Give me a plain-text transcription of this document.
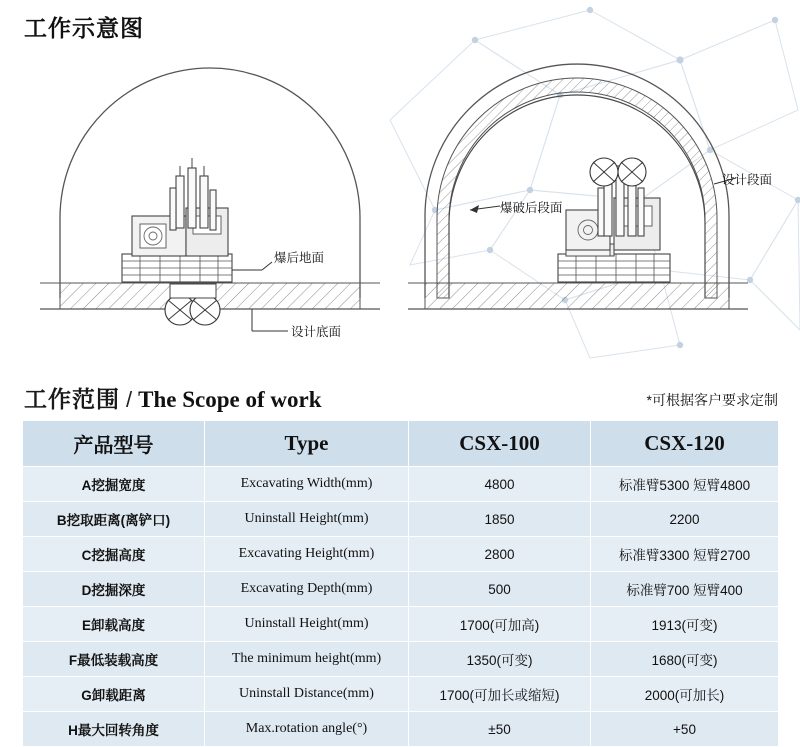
工作示意图
爆后地面
设计底面
爆破后段面
设计段面
工作范围 / The Scope of work	*可根据客户要求定制
产品型号	Type	CSX-100	CSX-120
A挖掘宽度	Excavating Width(mm)	4800	标准臂5300 短臂4800
B挖取距离(离铲口)	Uninstall Height(mm)	1850	2200
C挖掘高度	Excavating Height(mm)	2800	标准臂3300 短臂2700
D挖掘深度	Excavating Depth(mm)	500	标准臂700 短臂400
E卸载高度	Uninstall Height(mm)	1700(可加高)	1913(可变)
F最低装载高度	The minimum height(mm)	1350(可变)	1680(可变)
G卸载距离	Uninstall Distance(mm)	1700(可加长或缩短)	2000(可加长)
H最大回转角度	Max.rotation angle(°)	±50	+50
